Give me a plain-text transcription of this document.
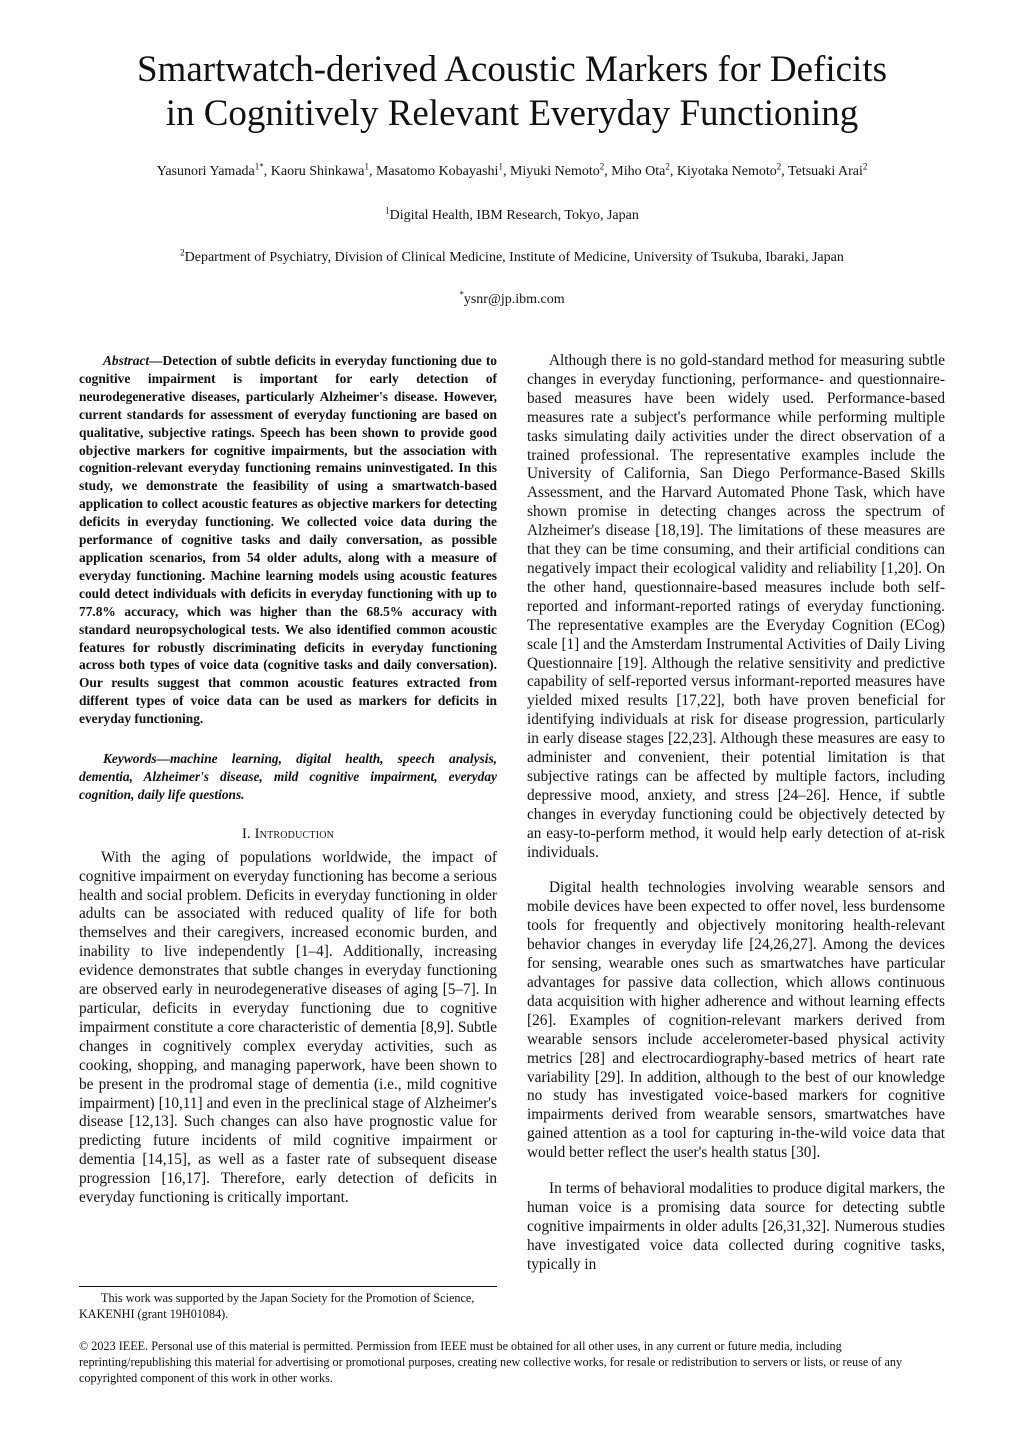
Smartwatch-derived Acoustic Markers for Deficits
in Cognitively Relevant Everyday Functioning
Yasunori Yamada$^{1*}$, Kaoru Shinkawa$^1$, Masatomo Kobayashi$^1$, Miyuki Nemoto$^2$, Miho Ota$^2$, Kiyotaka Nemoto$^2$, Tetsuaki Arai$^2$
$^1$Digital Health, IBM Research, Tokyo, Japan
$^2$Department of Psychiatry, Division of Clinical Medicine, Institute of Medicine, University of Tsukuba, Ibaraki, Japan
*ysnr@jp.ibm.com

Abstract—Detection of subtle deficits in everyday functioning due to cognitive impairment is important for early detection of neurodegenerative diseases, particularly Alzheimer's disease. However, current standards for assessment of everyday functioning are based on qualitative, subjective ratings. Speech has been shown to provide good objective markers for cognitive impairments, but the association with cognition-relevant everyday functioning remains uninvestigated. In this study, we demonstrate the feasibility of using a smartwatch-based application to collect acoustic features as objective markers for detecting deficits in everyday functioning. We collected voice data during the performance of cognitive tasks and daily conversation, as possible application scenarios, from 54 older adults, along with a measure of everyday functioning. Machine learning models using acoustic features could detect individuals with deficits in everyday functioning with up to 77.8% accuracy, which was higher than the 68.5% accuracy with standard neuropsychological tests. We also identified common acoustic features for robustly discriminating deficits in everyday functioning across both types of voice data (cognitive tasks and daily conversation). Our results suggest that common acoustic features extracted from different types of voice data can be used as markers for deficits in everyday functioning.

Keywords—machine learning, digital health, speech analysis, dementia, Alzheimer's disease, mild cognitive impairment, everyday cognition, daily life questions.

I. Introduction

With the aging of populations worldwide, the impact of cognitive impairment on everyday functioning has become a serious health and social problem. Deficits in everyday functioning in older adults can be associated with reduced quality of life for both themselves and their caregivers, increased economic burden, and inability to live independently [1–4]. Additionally, increasing evidence demonstrates that subtle changes in everyday functioning are observed early in neurodegenerative diseases of aging [5–7]. In particular, deficits in everyday functioning due to cognitive impairment constitute a core characteristic of dementia [8,9]. Subtle changes in cognitively complex everyday activities, such as cooking, shopping, and managing paperwork, have been shown to be present in the prodromal stage of dementia (i.e., mild cognitive impairment) [10,11] and even in the preclinical stage of Alzheimer's disease [12,13]. Such changes can also have prognostic value for predicting future incidents of mild cognitive impairment or dementia [14,15], as well as a faster rate of subsequent disease progression [16,17]. Therefore, early detection of deficits in everyday functioning is critically important.

Although there is no gold-standard method for measuring subtle changes in everyday functioning, performance- and questionnaire-based measures have been widely used. Performance-based measures rate a subject's performance while performing multiple tasks simulating daily activities under the direct observation of a trained professional. The representative examples include the University of California, San Diego Performance-Based Skills Assessment, and the Harvard Automated Phone Task, which have shown promise in detecting changes across the spectrum of Alzheimer's disease [18,19]. The limitations of these measures are that they can be time consuming, and their artificial conditions can negatively impact their ecological validity and reliability [1,20]. On the other hand, questionnaire-based measures include both self-reported and informant-reported ratings of everyday functioning. The representative examples are the Everyday Cognition (ECog) scale [1] and the Amsterdam Instrumental Activities of Daily Living Questionnaire [19]. Although the relative sensitivity and predictive capability of self-reported versus informant-reported measures have yielded mixed results [17,22], both have proven beneficial for identifying individuals at risk for disease progression, particularly in early disease stages [22,23]. Although these measures are easy to administer and convenient, their potential limitation is that subjective ratings can be affected by multiple factors, including depressive mood, anxiety, and stress [24–26]. Hence, if subtle changes in everyday functioning could be objectively detected by an easy-to-perform method, it would help early detection of at-risk individuals.

Digital health technologies involving wearable sensors and mobile devices have been expected to offer novel, less burdensome tools for frequently and objectively monitoring health-relevant behavior changes in everyday life [24,26,27]. Among the devices for sensing, wearable ones such as smartwatches have particular advantages for passive data collection, which allows continuous data acquisition with higher adherence and without learning effects [26]. Examples of cognition-relevant markers derived from wearable sensors include accelerometer-based physical activity metrics [28] and electrocardiography-based metrics of heart rate variability [29]. In addition, although to the best of our knowledge no study has investigated voice-based markers for cognitive impairments derived from wearable sensors, smartwatches have gained attention as a tool for capturing in-the-wild voice data that would better reflect the user's health status [30].

In terms of behavioral modalities to produce digital markers, the human voice is a promising data source for detecting subtle cognitive impairments in older adults [26,31,32]. Numerous studies have investigated voice data collected during cognitive tasks, typically in

This work was supported by the Japan Society for the Promotion of Science, KAKENHI (grant 19H01084).

© 2023 IEEE. Personal use of this material is permitted. Permission from IEEE must be obtained for all other uses, in any current or future media, including reprinting/republishing this material for advertising or promotional purposes, creating new collective works, for resale or redistribution to servers or lists, or reuse of any copyrighted component of this work in other works.
